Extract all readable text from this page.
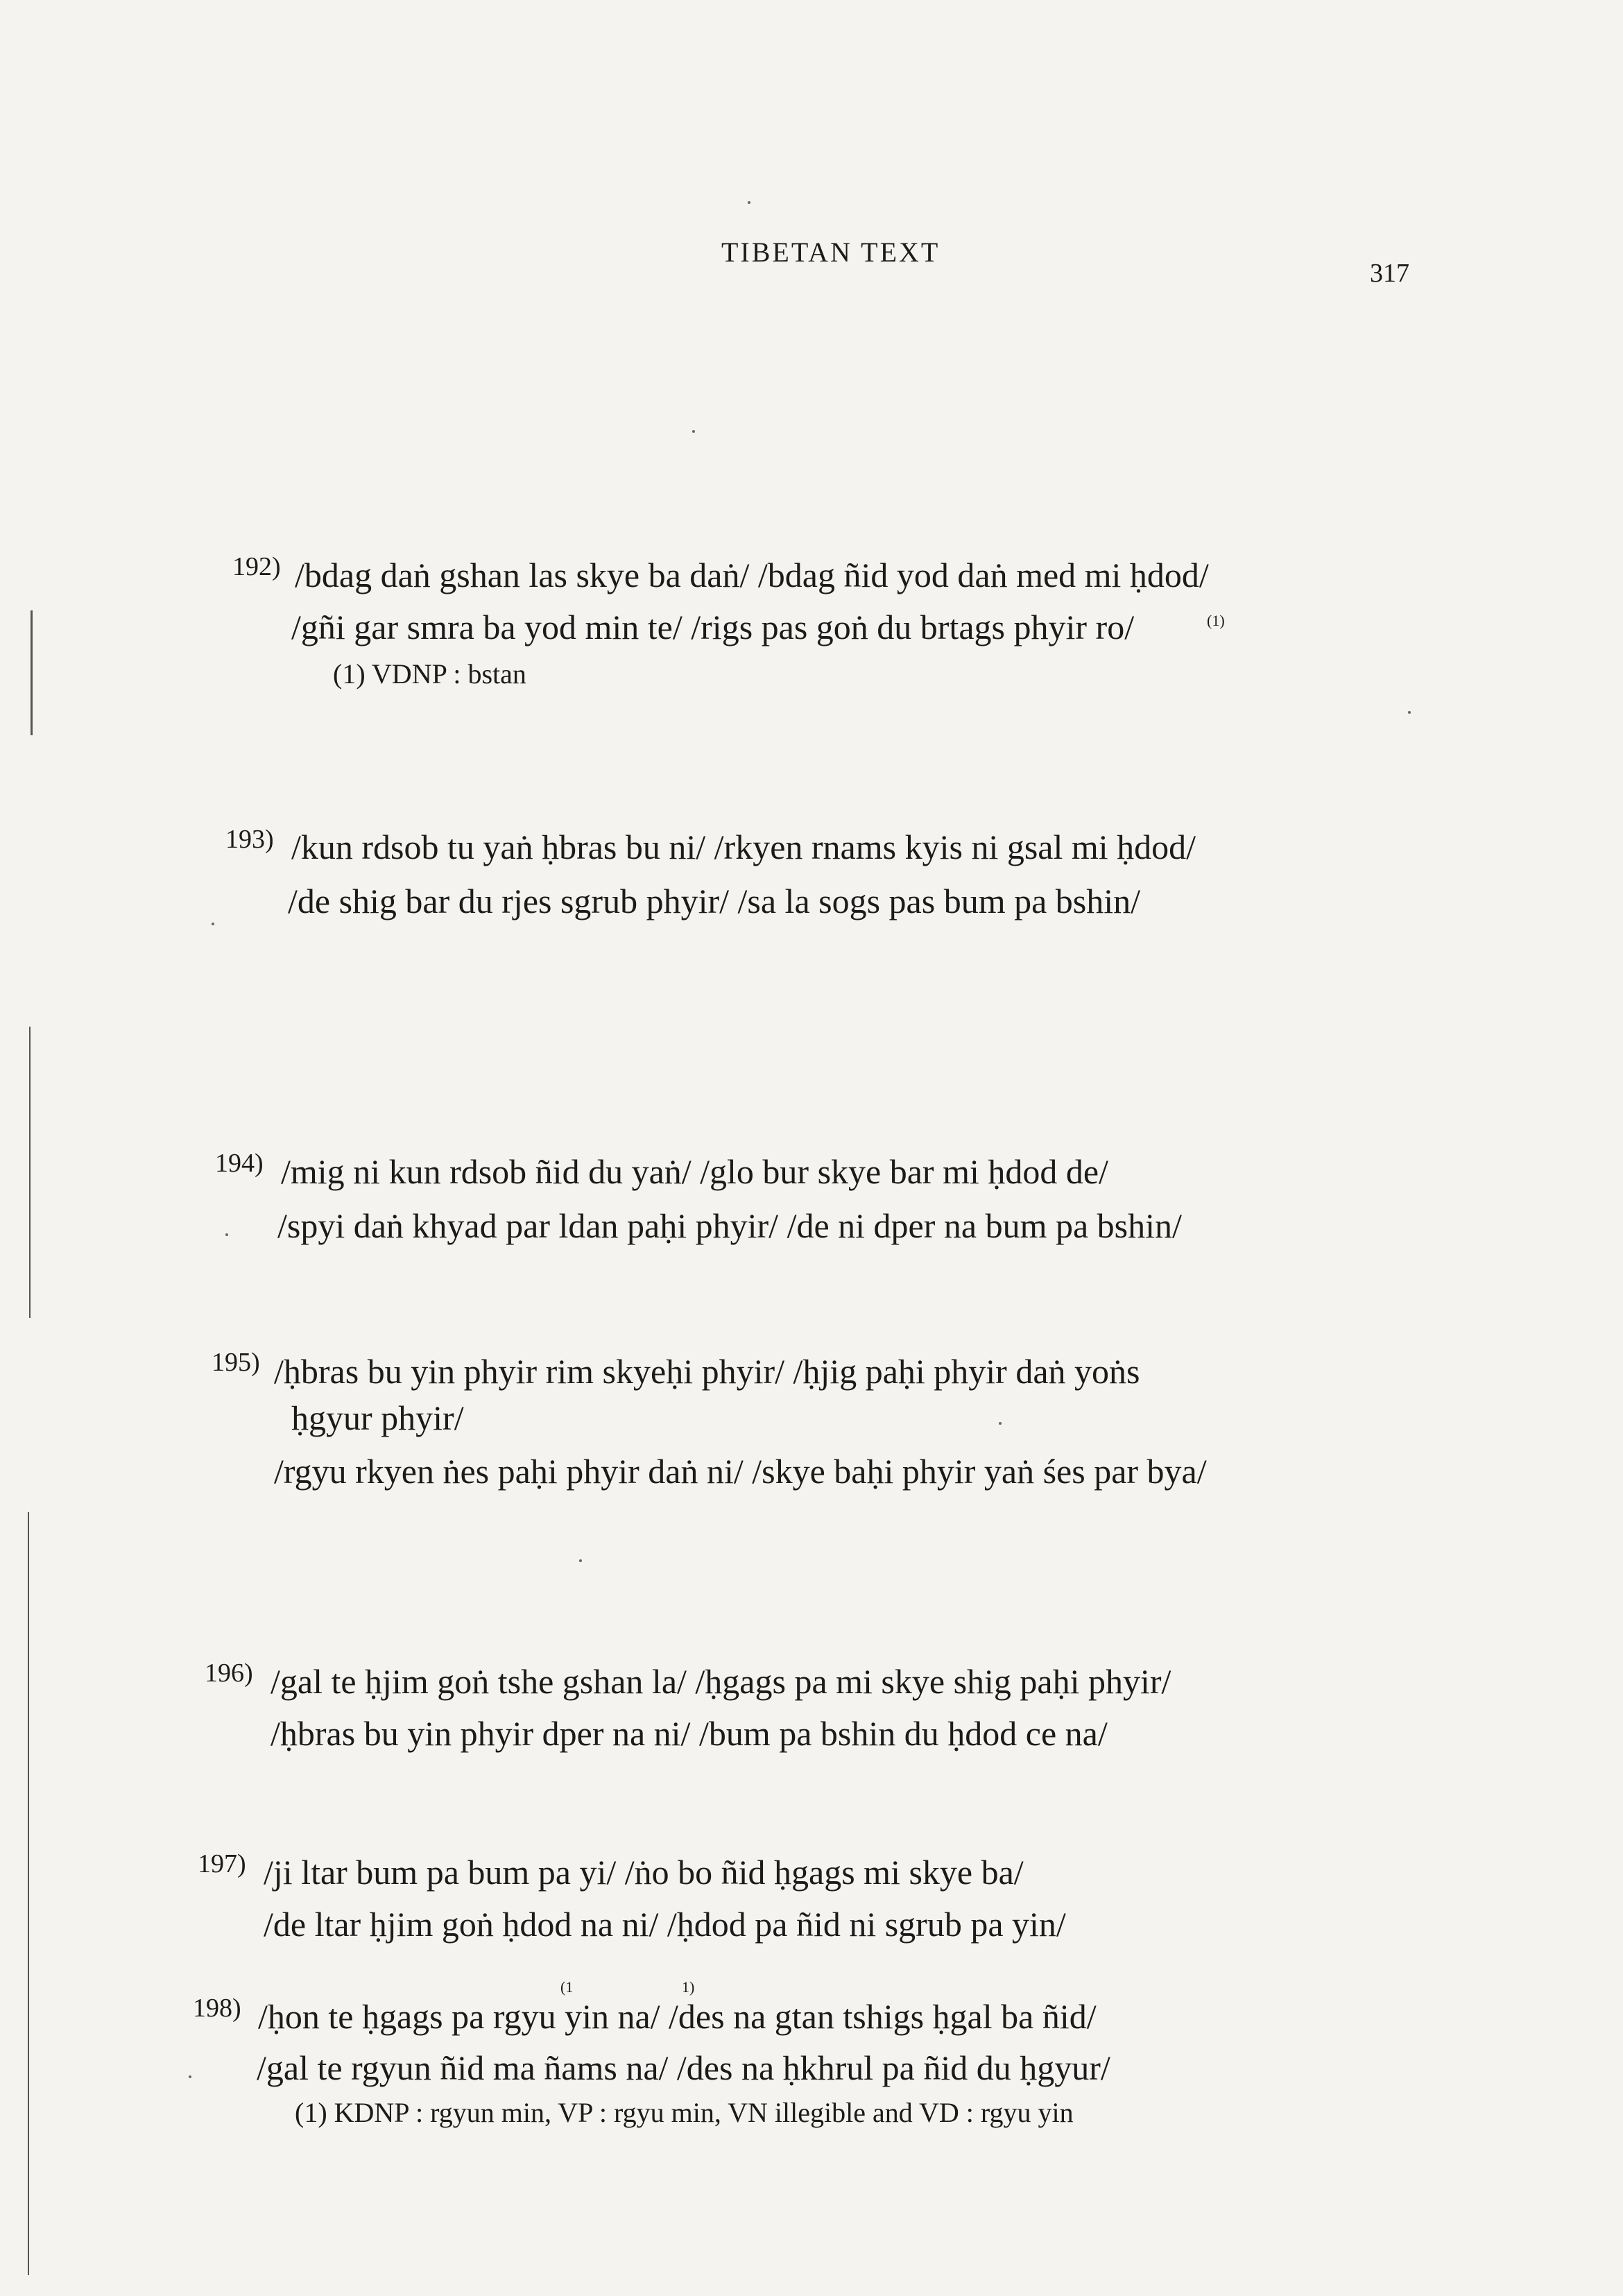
TIBETAN TEXT
317
192) /bdag daṅ gshan las skye ba daṅ/ /bdag ñid yod daṅ med mi ḥdod/
(1)
/gñi gar smra ba yod min te/ /rigs pas goṅ du brtags phyir ro/
(1) VDNP : bstan
193) /kun rdsob tu yaṅ ḥbras bu ni/ /rkyen rnams kyis ni gsal mi ḥdod/
/de shig bar du rjes sgrub phyir/ /sa la sogs pas bum pa bshin/
194) /mig ni kun rdsob ñid du yaṅ/ /glo bur skye bar mi ḥdod de/
/spyi daṅ khyad par ldan paḥi phyir/ /de ni dper na bum pa bshin/
195) /ḥbras bu yin phyir rim skyeḥi phyir/ /ḥjig paḥi phyir daṅ yoṅs
ḥgyur phyir/
/rgyu rkyen ṅes paḥi phyir daṅ ni/ /skye baḥi phyir yaṅ śes par bya/
196) /gal te ḥjim goṅ tshe gshan la/ /ḥgags pa mi skye shig paḥi phyir/
/ḥbras bu yin phyir dper na ni/ /bum pa bshin du ḥdod ce na/
197) /ji ltar bum pa bum pa yi/ /ṅo bo ñid ḥgags mi skye ba/
/de ltar ḥjim goṅ ḥdod na ni/ /ḥdod pa ñid ni sgrub pa yin/
198)
(1	1)
/ḥon te ḥgags pa rgyu yin na/ /des na gtan tshigs ḥgal ba ñid/
/gal te rgyun ñid ma ñams na/ /des na ḥkhrul pa ñid du ḥgyur/
(1) KDNP : rgyun min, VP : rgyu min, VN illegible and VD : rgyu yin
